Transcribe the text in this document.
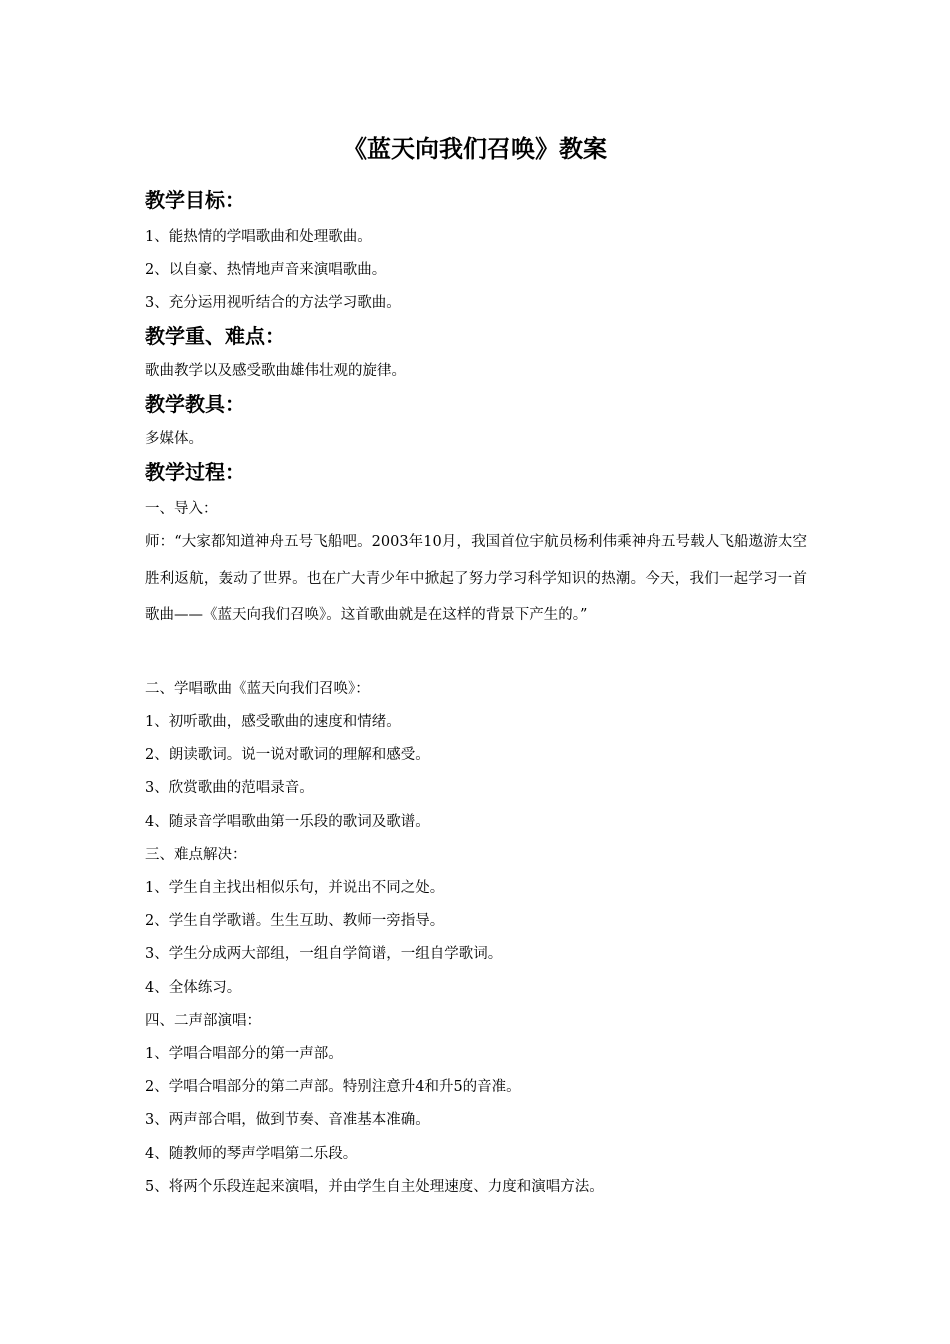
《蓝天向我们召唤》教案
教学目标：

1、能热情的学唱歌曲和处理歌曲。

2、以自豪、热情地声音来演唱歌曲。

3、充分运用视听结合的方法学习歌曲。

教学重、难点：

歌曲教学以及感受歌曲雄伟壮观的旋律。

教学教具：

多媒体。

教学过程：

一、导入：

师：“大家都知道神舟五号飞船吧。2003年10月，我国首位宇航员杨利伟乘神舟五号载人飞船遨游太空胜利返航，轰动了世界。也在广大青少年中掀起了努力学习科学知识的热潮。今天，我们一起学习一首歌曲——《蓝天向我们召唤》。这首歌曲就是在这样的背景下产生的。”

二、学唱歌曲《蓝天向我们召唤》：

1、初听歌曲，感受歌曲的速度和情绪。

2、朗读歌词。说一说对歌词的理解和感受。

3、欣赏歌曲的范唱录音。

4、随录音学唱歌曲第一乐段的歌词及歌谱。

三、难点解决：

1、学生自主找出相似乐句，并说出不同之处。

2、学生自学歌谱。生生互助、教师一旁指导。

3、学生分成两大部组，一组自学简谱，一组自学歌词。

4、全体练习。

四、二声部演唱：

1、学唱合唱部分的第一声部。

2、学唱合唱部分的第二声部。特别注意升4和升5的音准。

3、两声部合唱，做到节奏、音准基本准确。

4、随教师的琴声学唱第二乐段。

5、将两个乐段连起来演唱，并由学生自主处理速度、力度和演唱方法。
